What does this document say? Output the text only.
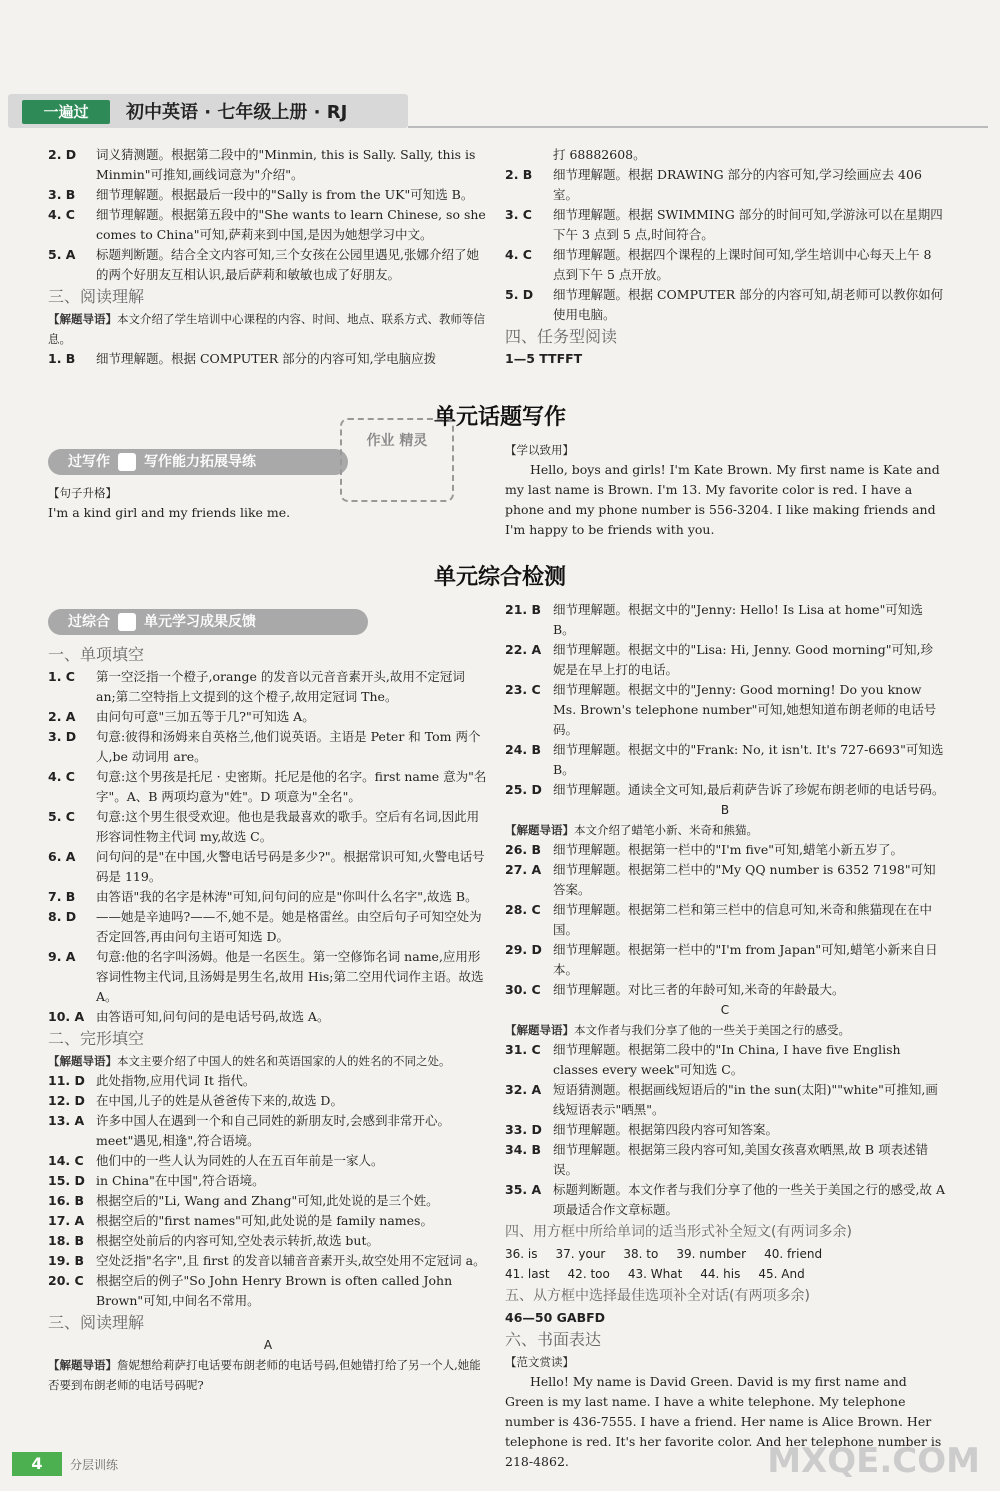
一遍过	初中英语 · 七年级上册 · RJ
2. D	词义猜测题。根据第二段中的"Minmin, this is Sally. Sally, this is Minmin"可推知,画线词意为"介绍"。
3. B	细节理解题。根据最后一段中的"Sally is from the UK"可知选 B。
4. C	细节理解题。根据第五段中的"She wants to learn Chinese, so she comes to China"可知,萨莉来到中国,是因为她想学习中文。
5. A	标题判断题。结合全文内容可知,三个女孩在公园里遇见,张娜介绍了她的两个好朋友互相认识,最后萨莉和敏敏也成了好朋友。
三、阅读理解
【解题导语】本文介绍了学生培训中心课程的内容、时间、地点、联系方式、教师等信息。
1. B	细节理解题。根据 COMPUTER 部分的内容可知,学电脑应拨

打 68882608。

2. B	细节理解题。根据 DRAWING 部分的内容可知,学习绘画应去 406 室。
3. C	细节理解题。根据 SWIMMING 部分的时间可知,学游泳可以在星期四下午 3 点到 5 点,时间符合。
4. C	细节理解题。根据四个课程的上课时间可知,学生培训中心每天上午 8 点到下午 5 点开放。
5. D	细节理解题。根据 COMPUTER 部分的内容可知,胡老师可以教你如何使用电脑。
四、任务型阅读

1—5 TTFFT

单元话题写作
过写作 写作能力拓展导练
作业 精灵

【句子升格】

I'm a kind girl and my friends like me.

【学以致用】

Hello, boys and girls! I'm Kate Brown. My first name is Kate and my last name is Brown. I'm 13. My favorite color is red. I have a phone and my phone number is 556-3204. I like making friends and I'm happy to be friends with you.

单元综合检测
过综合 单元学习成果反馈
一、单项填空
1. C	第一空泛指一个橙子,orange 的发音以元音音素开头,故用不定冠词 an;第二空特指上文提到的这个橙子,故用定冠词 The。
2. A	由问句可意"三加五等于几?"可知选 A。
3. D	句意:彼得和汤姆来自英格兰,他们说英语。主语是 Peter 和 Tom 两个人,be 动词用 are。
4. C	句意:这个男孩是托尼 · 史密斯。托尼是他的名字。first name 意为"名字"。A、B 两项均意为"姓"。D 项意为"全名"。
5. C	句意:这个男生很受欢迎。他也是我最喜欢的歌手。空后有名词,因此用形容词性物主代词 my,故选 C。
6. A	问句问的是"在中国,火警电话号码是多少?"。根据常识可知,火警电话号码是 119。
7. B	由答语"我的名字是林涛"可知,问句问的应是"你叫什么名字",故选 B。
8. D	——她是辛迪吗?——不,她不是。她是格雷丝。由空后句子可知空处为否定回答,再由问句主语可知选 D。
9. A	句意:他的名字叫汤姆。他是一名医生。第一空修饰名词 name,应用形容词性物主代词,且汤姆是男生名,故用 His;第二空用代词作主语。故选 A。
10. A 由答语可知,问句问的是电话号码,故选 A。
二、完形填空
【解题导语】本文主要介绍了中国人的姓名和英语国家的人的姓名的不同之处。
11. D 此处指物,应用代词 It 指代。
12. D 在中国,儿子的姓是从爸爸传下来的,故选 D。
13. A 许多中国人在遇到一个和自己同姓的新朋友时,会感到非常开心。meet"遇见,相逢",符合语境。
14. C 他们中的一些人认为同姓的人在五百年前是一家人。
15. D in China"在中国",符合语境。
16. B 根据空后的"Li, Wang and Zhang"可知,此处说的是三个姓。
17. A 根据空后的"first names"可知,此处说的是 family names。
18. B 根据空处前后的内容可知,空处表示转折,故选 but。
19. B 空处泛指"名字",且 first 的发音以辅音音素开头,故空处用不定冠词 a。
20. C 根据空后的例子"So John Henry Brown is often called John Brown"可知,中间名不常用。
三、阅读理解

A

【解题导语】詹妮想给莉萨打电话要布朗老师的电话号码,但她错打给了另一个人,她能否要到布朗老师的电话号码呢?
21. B 细节理解题。根据文中的"Jenny: Hello! Is Lisa at home"可知选 B。
22. A 细节理解题。根据文中的"Lisa: Hi, Jenny. Good morning"可知,珍妮是在早上打的电话。
23. C 细节理解题。根据文中的"Jenny: Good morning! Do you know Ms. Brown's telephone number"可知,她想知道布朗老师的电话号码。
24. B 细节理解题。根据文中的"Frank: No, it isn't. It's 727-6693"可知选 B。
25. D 细节理解题。通读全文可知,最后莉萨告诉了珍妮布朗老师的电话号码。

B

【解题导语】本文介绍了蜡笔小新、米奇和熊猫。
26. B 细节理解题。根据第一栏中的"I'm five"可知,蜡笔小新五岁了。
27. A 细节理解题。根据第二栏中的"My QQ number is 6352 7198"可知答案。
28. C 细节理解题。根据第二栏和第三栏中的信息可知,米奇和熊猫现在在中国。
29. D 细节理解题。根据第一栏中的"I'm from Japan"可知,蜡笔小新来自日本。
30. C 细节理解题。对比三者的年龄可知,米奇的年龄最大。

C

【解题导语】本文作者与我们分享了他的一些关于美国之行的感受。
31. C 细节理解题。根据第二段中的"In China, I have five English classes every week"可知选 C。
32. A 短语猜测题。根据画线短语后的"in the sun(太阳)""white"可推知,画线短语表示"晒黑"。
33. D 细节理解题。根据第四段内容可知答案。
34. B 细节理解题。根据第三段内容可知,美国女孩喜欢晒黑,故 B 项表述错误。
35. A 标题判断题。本文作者与我们分享了他的一些关于美国之行的感受,故 A 项最适合作文章标题。
四、用方框中所给单词的适当形式补全短文(有两词多余)
36. is 37. your 38. to 39. number 40. friend
41. last 42. too 43. What 44. his 45. And
五、从方框中选择最佳选项补全对话(有两项多余)

46—50 GABFD

六、书面表达

【范文赏读】

Hello! My name is David Green. David is my first name and Green is my last name. I have a white telephone. My telephone number is 436-7555. I have a friend. Her name is Alice Brown. Her telephone is red. It's her favorite color. And her telephone number is 218-4862.

4	分层训练	MXQE.COM
